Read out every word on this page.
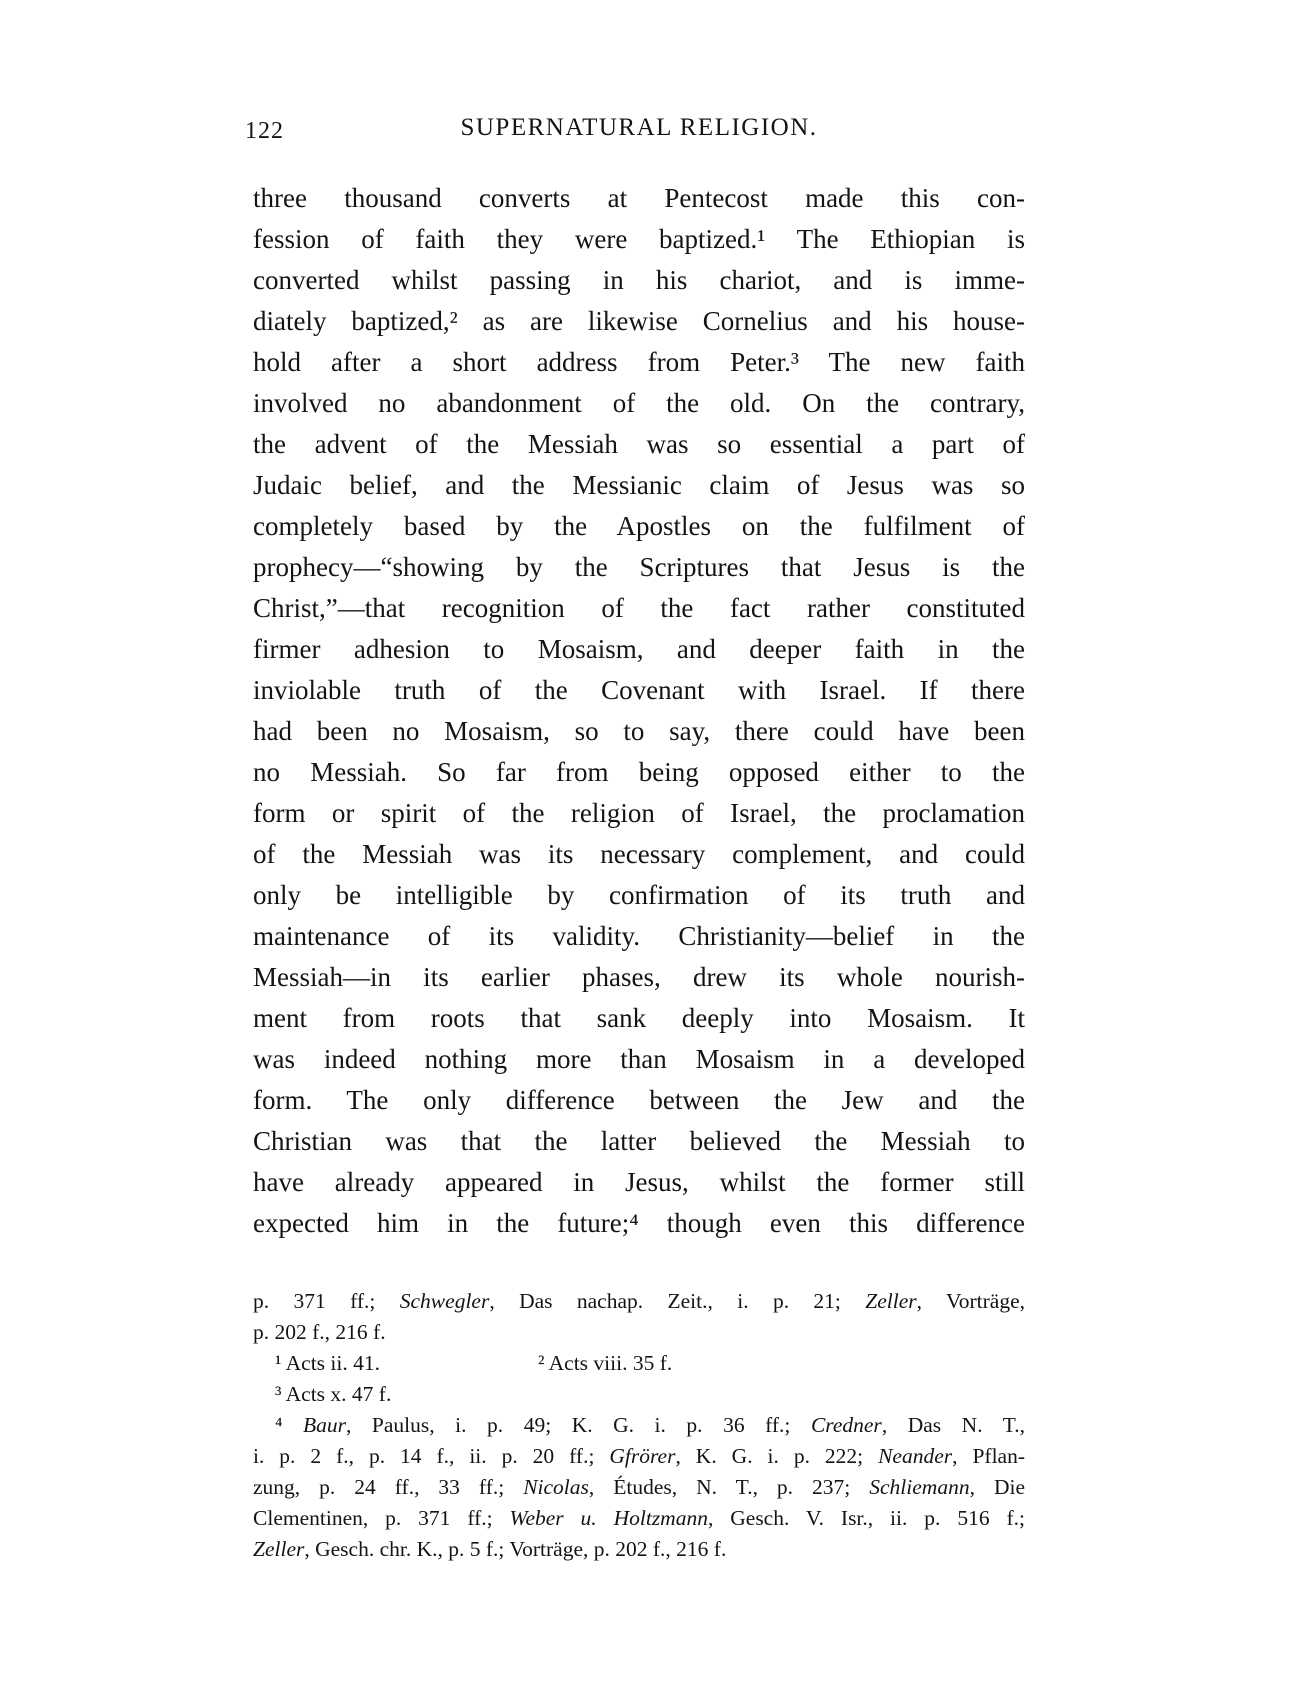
122	SUPERNATURAL RELIGION.
three thousand converts at Pentecost made this con-
fession of faith they were baptized.¹ The Ethiopian is
converted whilst passing in his chariot, and is imme-
diately baptized,² as are likewise Cornelius and his house-
hold after a short address from Peter.³ The new faith
involved no abandonment of the old. On the contrary,
the advent of the Messiah was so essential a part of
Judaic belief, and the Messianic claim of Jesus was so
completely based by the Apostles on the fulfilment of
prophecy—“showing by the Scriptures that Jesus is the
Christ,”—that recognition of the fact rather constituted
firmer adhesion to Mosaism, and deeper faith in the
inviolable truth of the Covenant with Israel. If there
had been no Mosaism, so to say, there could have been
no Messiah. So far from being opposed either to the
form or spirit of the religion of Israel, the proclamation
of the Messiah was its necessary complement, and could
only be intelligible by confirmation of its truth and
maintenance of its validity. Christianity—belief in the
Messiah—in its earlier phases, drew its whole nourish-
ment from roots that sank deeply into Mosaism. It
was indeed nothing more than Mosaism in a developed
form. The only difference between the Jew and the
Christian was that the latter believed the Messiah to
have already appeared in Jesus, whilst the former still
expected him in the future;⁴ though even this difference
p. 371 ff.; Schwegler, Das nachap. Zeit., i. p. 21; Zeller, Vorträge,
p. 202 f., 216 f.
¹ Acts ii. 41.	² Acts viii. 35 f.
³ Acts x. 47 f.
⁴ Baur, Paulus, i. p. 49; K. G. i. p. 36 ff.; Credner, Das N. T.,
i. p. 2 f., p. 14 f., ii. p. 20 ff.; Gfrörer, K. G. i. p. 222; Neander, Pflan-
zung, p. 24 ff., 33 ff.; Nicolas, Études, N. T., p. 237; Schliemann, Die
Clementinen, p. 371 ff.; Weber u. Holtzmann, Gesch. V. Isr., ii. p. 516 f.;
Zeller, Gesch. chr. K., p. 5 f.; Vorträge, p. 202 f., 216 f.
